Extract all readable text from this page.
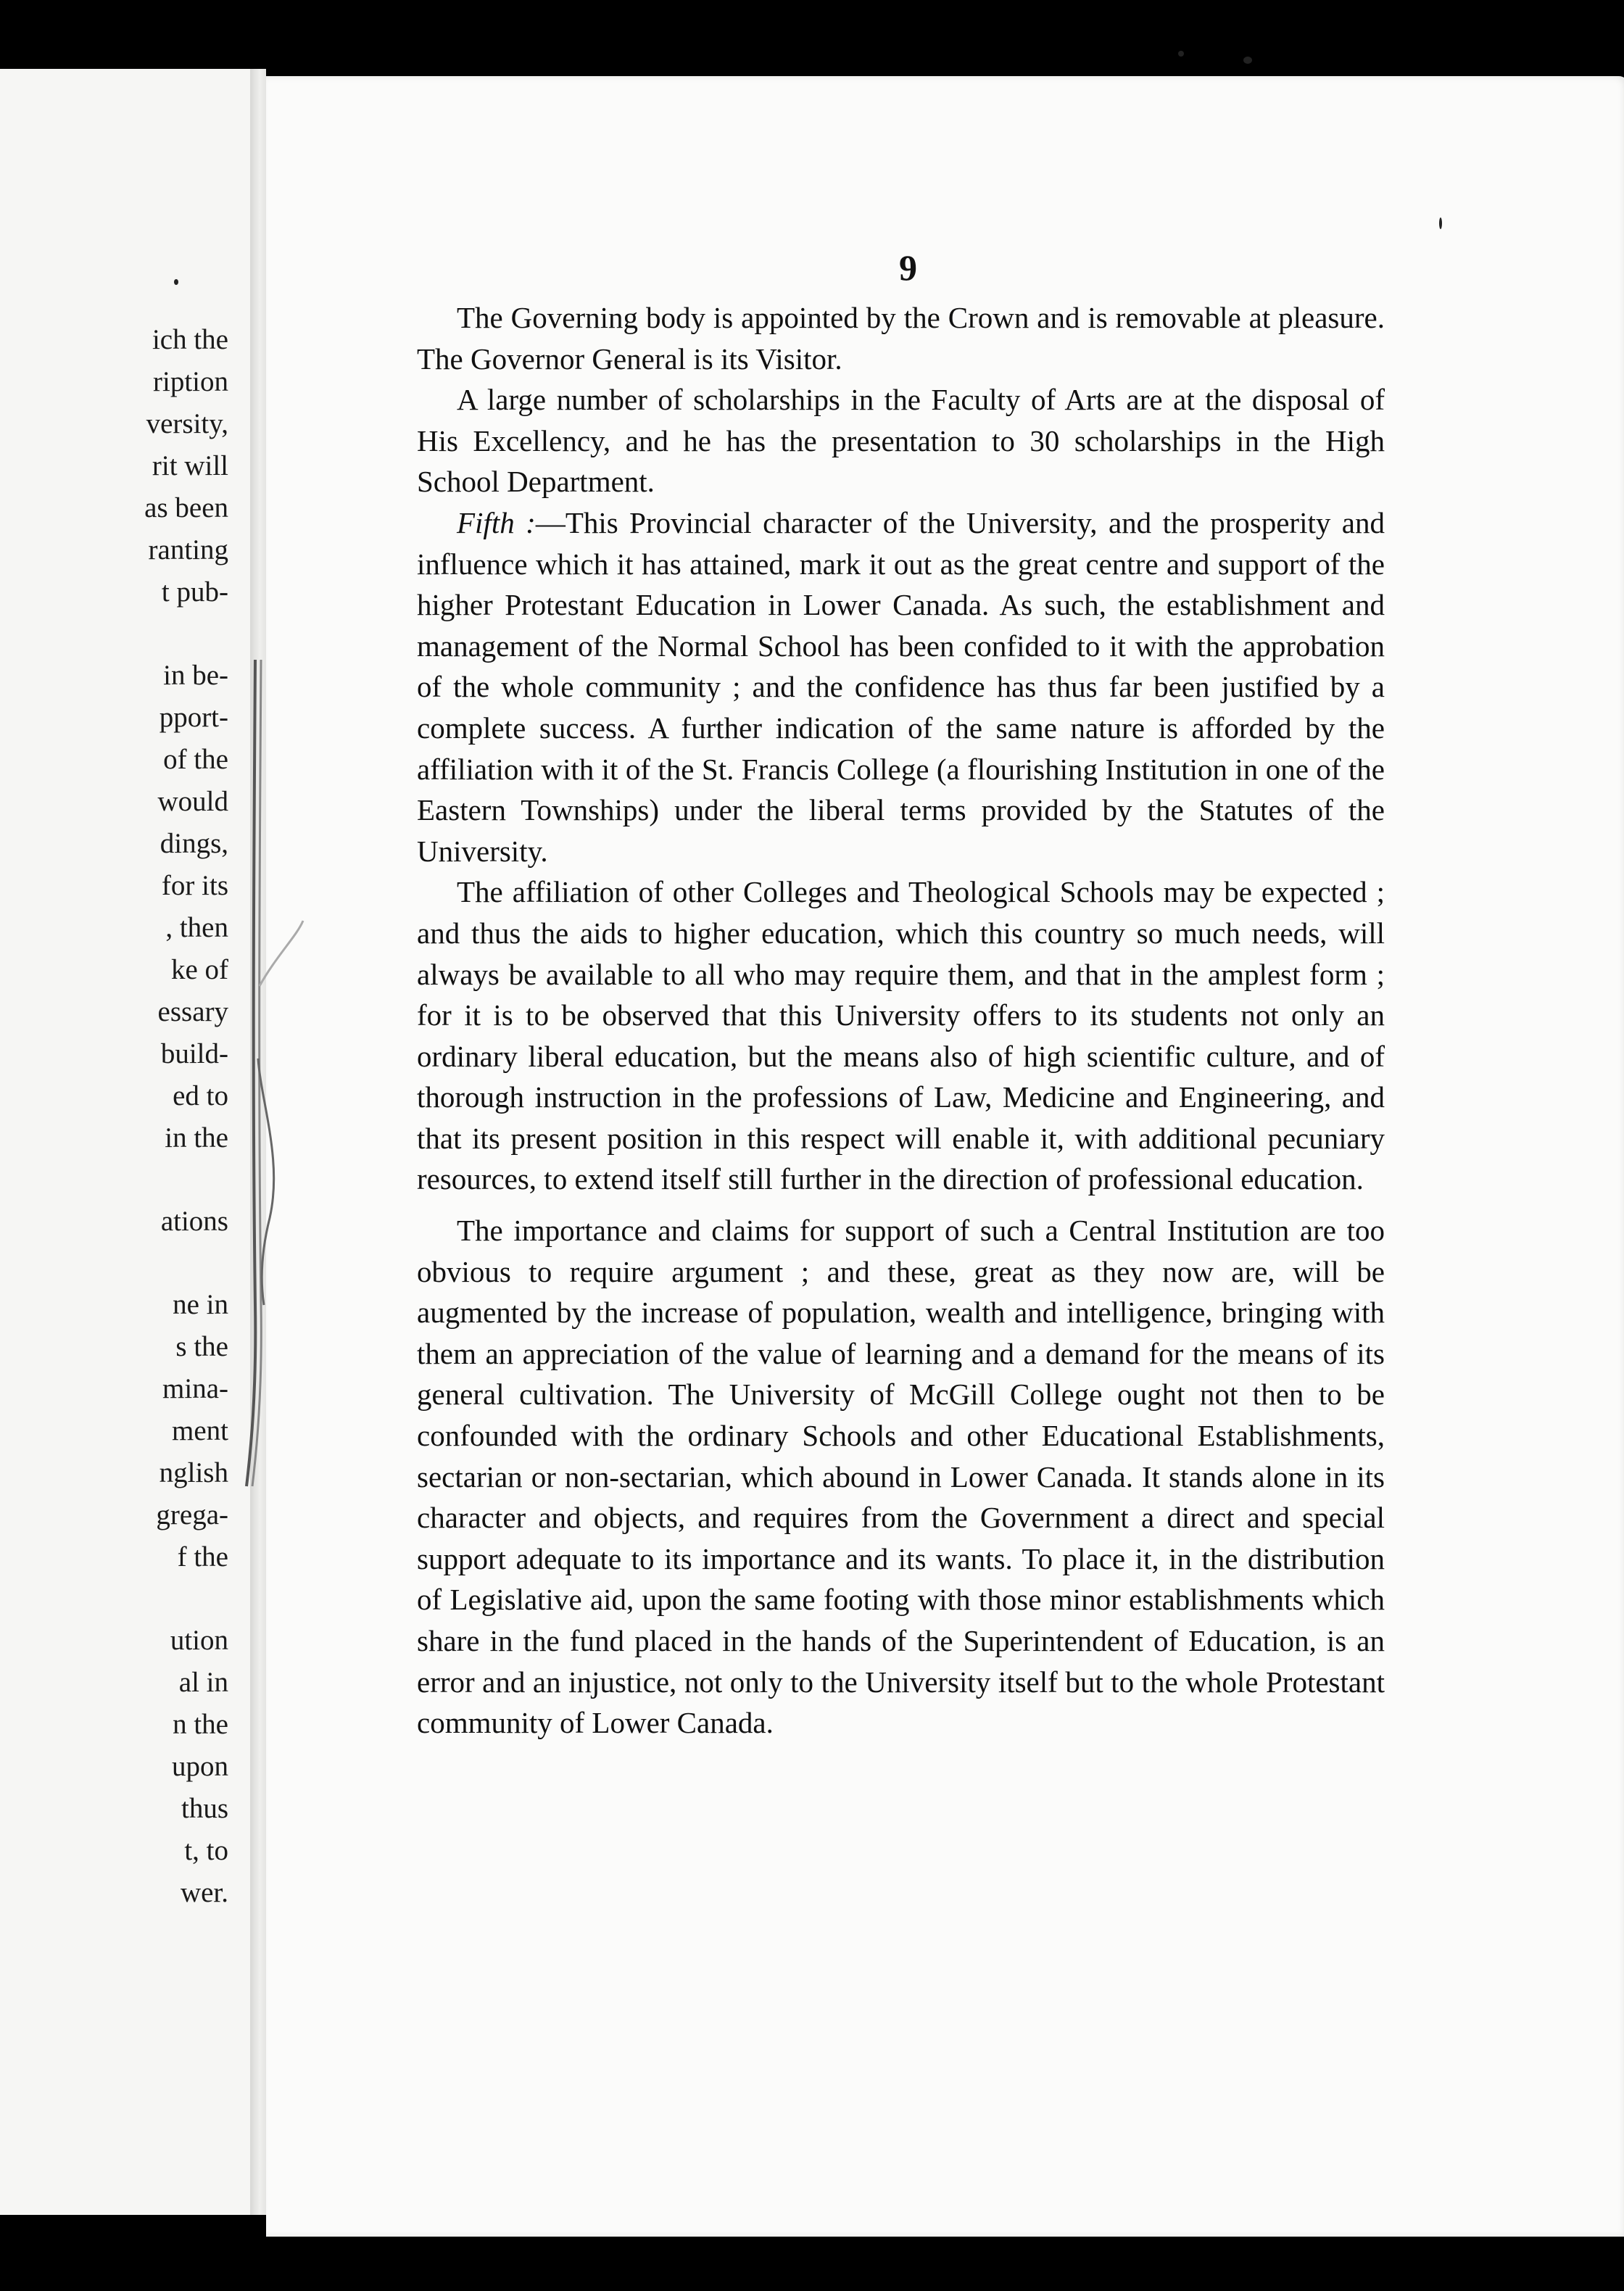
ich the
ription
versity,
rit will
as been
ranting
t pub-
in be-
pport-
of the
would
dings,
for its
, then
ke of
essary
build-
ed to
in the
ations
ne in
s the
mina-
ment
nglish
grega-
f the
ution
al in
n the
upon
thus
t, to
wer.
9

The Governing body is appointed by the Crown and is removable at pleasure. The Governor General is its Visitor.

A large number of scholarships in the Faculty of Arts are at the disposal of His Excellency, and he has the presentation to 30 scholarships in the High School Department.

Fifth :—This Provincial character of the University, and the prosperity and influence which it has attained, mark it out as the great centre and support of the higher Protestant Education in Lower Canada. As such, the establishment and management of the Normal School has been confided to it with the approbation of the whole community ; and the confidence has thus far been justified by a complete success. A further indication of the same nature is afforded by the affiliation with it of the St. Francis College (a flourishing Institution in one of the Eastern Townships) under the liberal terms provided by the Statutes of the University.

The affiliation of other Colleges and Theological Schools may be expected ; and thus the aids to higher education, which this country so much needs, will always be available to all who may require them, and that in the amplest form ; for it is to be observed that this University offers to its students not only an ordinary liberal education, but the means also of high scientific culture, and of thorough instruction in the professions of Law, Medicine and Engineering, and that its present position in this respect will enable it, with additional pecuniary resources, to extend itself still further in the direction of professional education.

The importance and claims for support of such a Central Institution are too obvious to require argument ; and these, great as they now are, will be augmented by the increase of population, wealth and intelligence, bringing with them an appreciation of the value of learning and a demand for the means of its general cultivation. The University of McGill College ought not then to be confounded with the ordinary Schools and other Educational Establishments, sectarian or non-sectarian, which abound in Lower Canada. It stands alone in its character and objects, and requires from the Government a direct and special support adequate to its importance and its wants. To place it, in the distribution of Legislative aid, upon the same footing with those minor establishments which share in the fund placed in the hands of the Superintendent of Education, is an error and an injustice, not only to the University itself but to the whole Protestant community of Lower Canada.
